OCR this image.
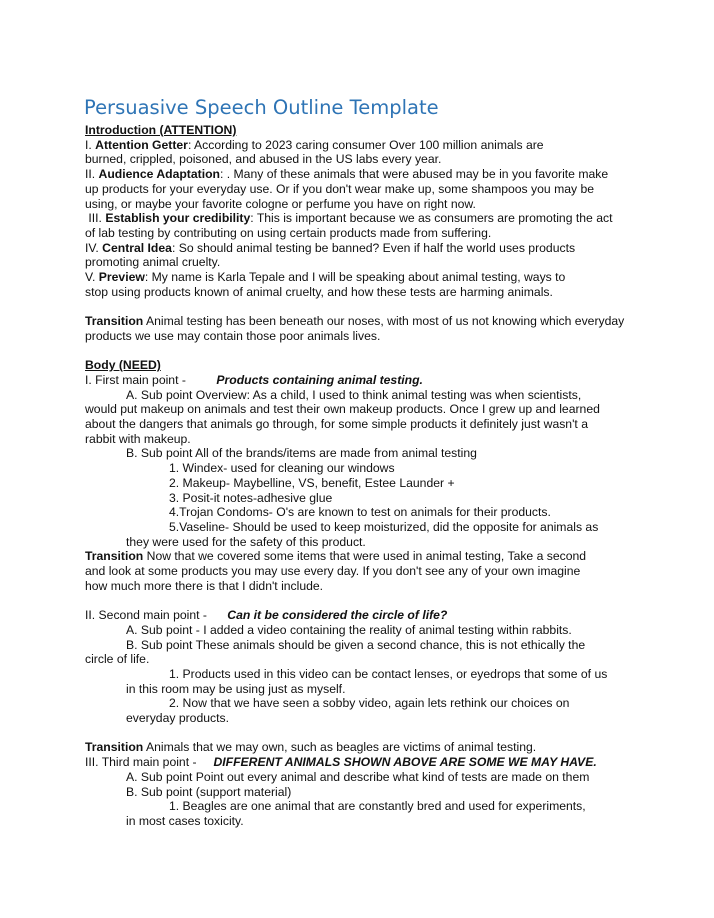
Persuasive Speech Outline Template
Introduction (ATTENTION)
I. Attention Getter: According to 2023 caring consumer Over 100 million animals are
burned, crippled, poisoned, and abused in the US labs every year.
II. Audience Adaptation: . Many of these animals that were abused may be in you favorite make
up products for your everyday use. Or if you don't wear make up, some shampoos you may be
using, or maybe your favorite cologne or perfume you have on right now.
III. Establish your credibility: This is important because we as consumers are promoting the act
of lab testing by contributing on using certain products made from suffering.
IV. Central Idea: So should animal testing be banned? Even if half the world uses products
promoting animal cruelty.
V. Preview: My name is Karla Tepale and I will be speaking about animal testing, ways to
stop using products known of animal cruelty, and how these tests are harming animals.
Transition Animal testing has been beneath our noses, with most of us not knowing which everyday
products we use may contain those poor animals lives.
Body (NEED)
I. First main point -         Products containing animal testing.
A. Sub point Overview: As a child, I used to think animal testing was when scientists,
would put makeup on animals and test their own makeup products. Once I grew up and learned
about the dangers that animals go through, for some simple products it definitely just wasn't a
rabbit with makeup.
B. Sub point All of the brands/items are made from animal testing
1. Windex- used for cleaning our windows
2. Makeup- Maybelline, VS, benefit, Estee Launder +
3. Posit-it notes-adhesive glue
4.Trojan Condoms- O's are known to test on animals for their products.
5.Vaseline- Should be used to keep moisturized, did the opposite for animals as
they were used for the safety of this product.
Transition Now that we covered some items that were used in animal testing, Take a second
and look at some products you may use every day. If you don't see any of your own imagine
how much more there is that I didn't include.
II. Second main point -      Can it be considered the circle of life?
A. Sub point - I added a video containing the reality of animal testing within rabbits.
B. Sub point These animals should be given a second chance, this is not ethically the
circle of life.
1. Products used in this video can be contact lenses, or eyedrops that some of us
in this room may be using just as myself.
2. Now that we have seen a sobby video, again lets rethink our choices on
everyday products.
Transition Animals that we may own, such as beagles are victims of animal testing.
III. Third main point -     DIFFERENT ANIMALS SHOWN ABOVE ARE SOME WE MAY HAVE.
A. Sub point Point out every animal and describe what kind of tests are made on them
B. Sub point (support material)
1. Beagles are one animal that are constantly bred and used for experiments,
in most cases toxicity.
